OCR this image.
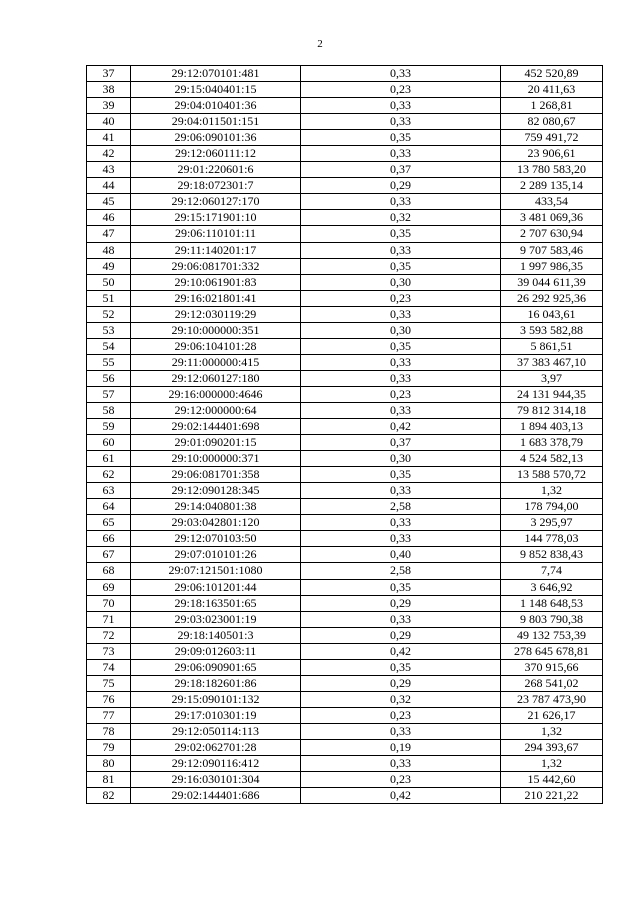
2
37	29:12:070101:481	0,33	452 520,89
38	29:15:040401:15	0,23	20 411,63
39	29:04:010401:36	0,33	1 268,81
40	29:04:011501:151	0,33	82 080,67
41	29:06:090101:36	0,35	759 491,72
42	29:12:060111:12	0,33	23 906,61
43	29:01:220601:6	0,37	13 780 583,20
44	29:18:072301:7	0,29	2 289 135,14
45	29:12:060127:170	0,33	433,54
46	29:15:171901:10	0,32	3 481 069,36
47	29:06:110101:11	0,35	2 707 630,94
48	29:11:140201:17	0,33	9 707 583,46
49	29:06:081701:332	0,35	1 997 986,35
50	29:10:061901:83	0,30	39 044 611,39
51	29:16:021801:41	0,23	26 292 925,36
52	29:12:030119:29	0,33	16 043,61
53	29:10:000000:351	0,30	3 593 582,88
54	29:06:104101:28	0,35	5 861,51
55	29:11:000000:415	0,33	37 383 467,10
56	29:12:060127:180	0,33	3,97
57	29:16:000000:4646	0,23	24 131 944,35
58	29:12:000000:64	0,33	79 812 314,18
59	29:02:144401:698	0,42	1 894 403,13
60	29:01:090201:15	0,37	1 683 378,79
61	29:10:000000:371	0,30	4 524 582,13
62	29:06:081701:358	0,35	13 588 570,72
63	29:12:090128:345	0,33	1,32
64	29:14:040801:38	2,58	178 794,00
65	29:03:042801:120	0,33	3 295,97
66	29:12:070103:50	0,33	144 778,03
67	29:07:010101:26	0,40	9 852 838,43
68	29:07:121501:1080	2,58	7,74
69	29:06:101201:44	0,35	3 646,92
70	29:18:163501:65	0,29	1 148 648,53
71	29:03:023001:19	0,33	9 803 790,38
72	29:18:140501:3	0,29	49 132 753,39
73	29:09:012603:11	0,42	278 645 678,81
74	29:06:090901:65	0,35	370 915,66
75	29:18:182601:86	0,29	268 541,02
76	29:15:090101:132	0,32	23 787 473,90
77	29:17:010301:19	0,23	21 626,17
78	29:12:050114:113	0,33	1,32
79	29:02:062701:28	0,19	294 393,67
80	29:12:090116:412	0,33	1,32
81	29:16:030101:304	0,23	15 442,60
82	29:02:144401:686	0,42	210 221,22
